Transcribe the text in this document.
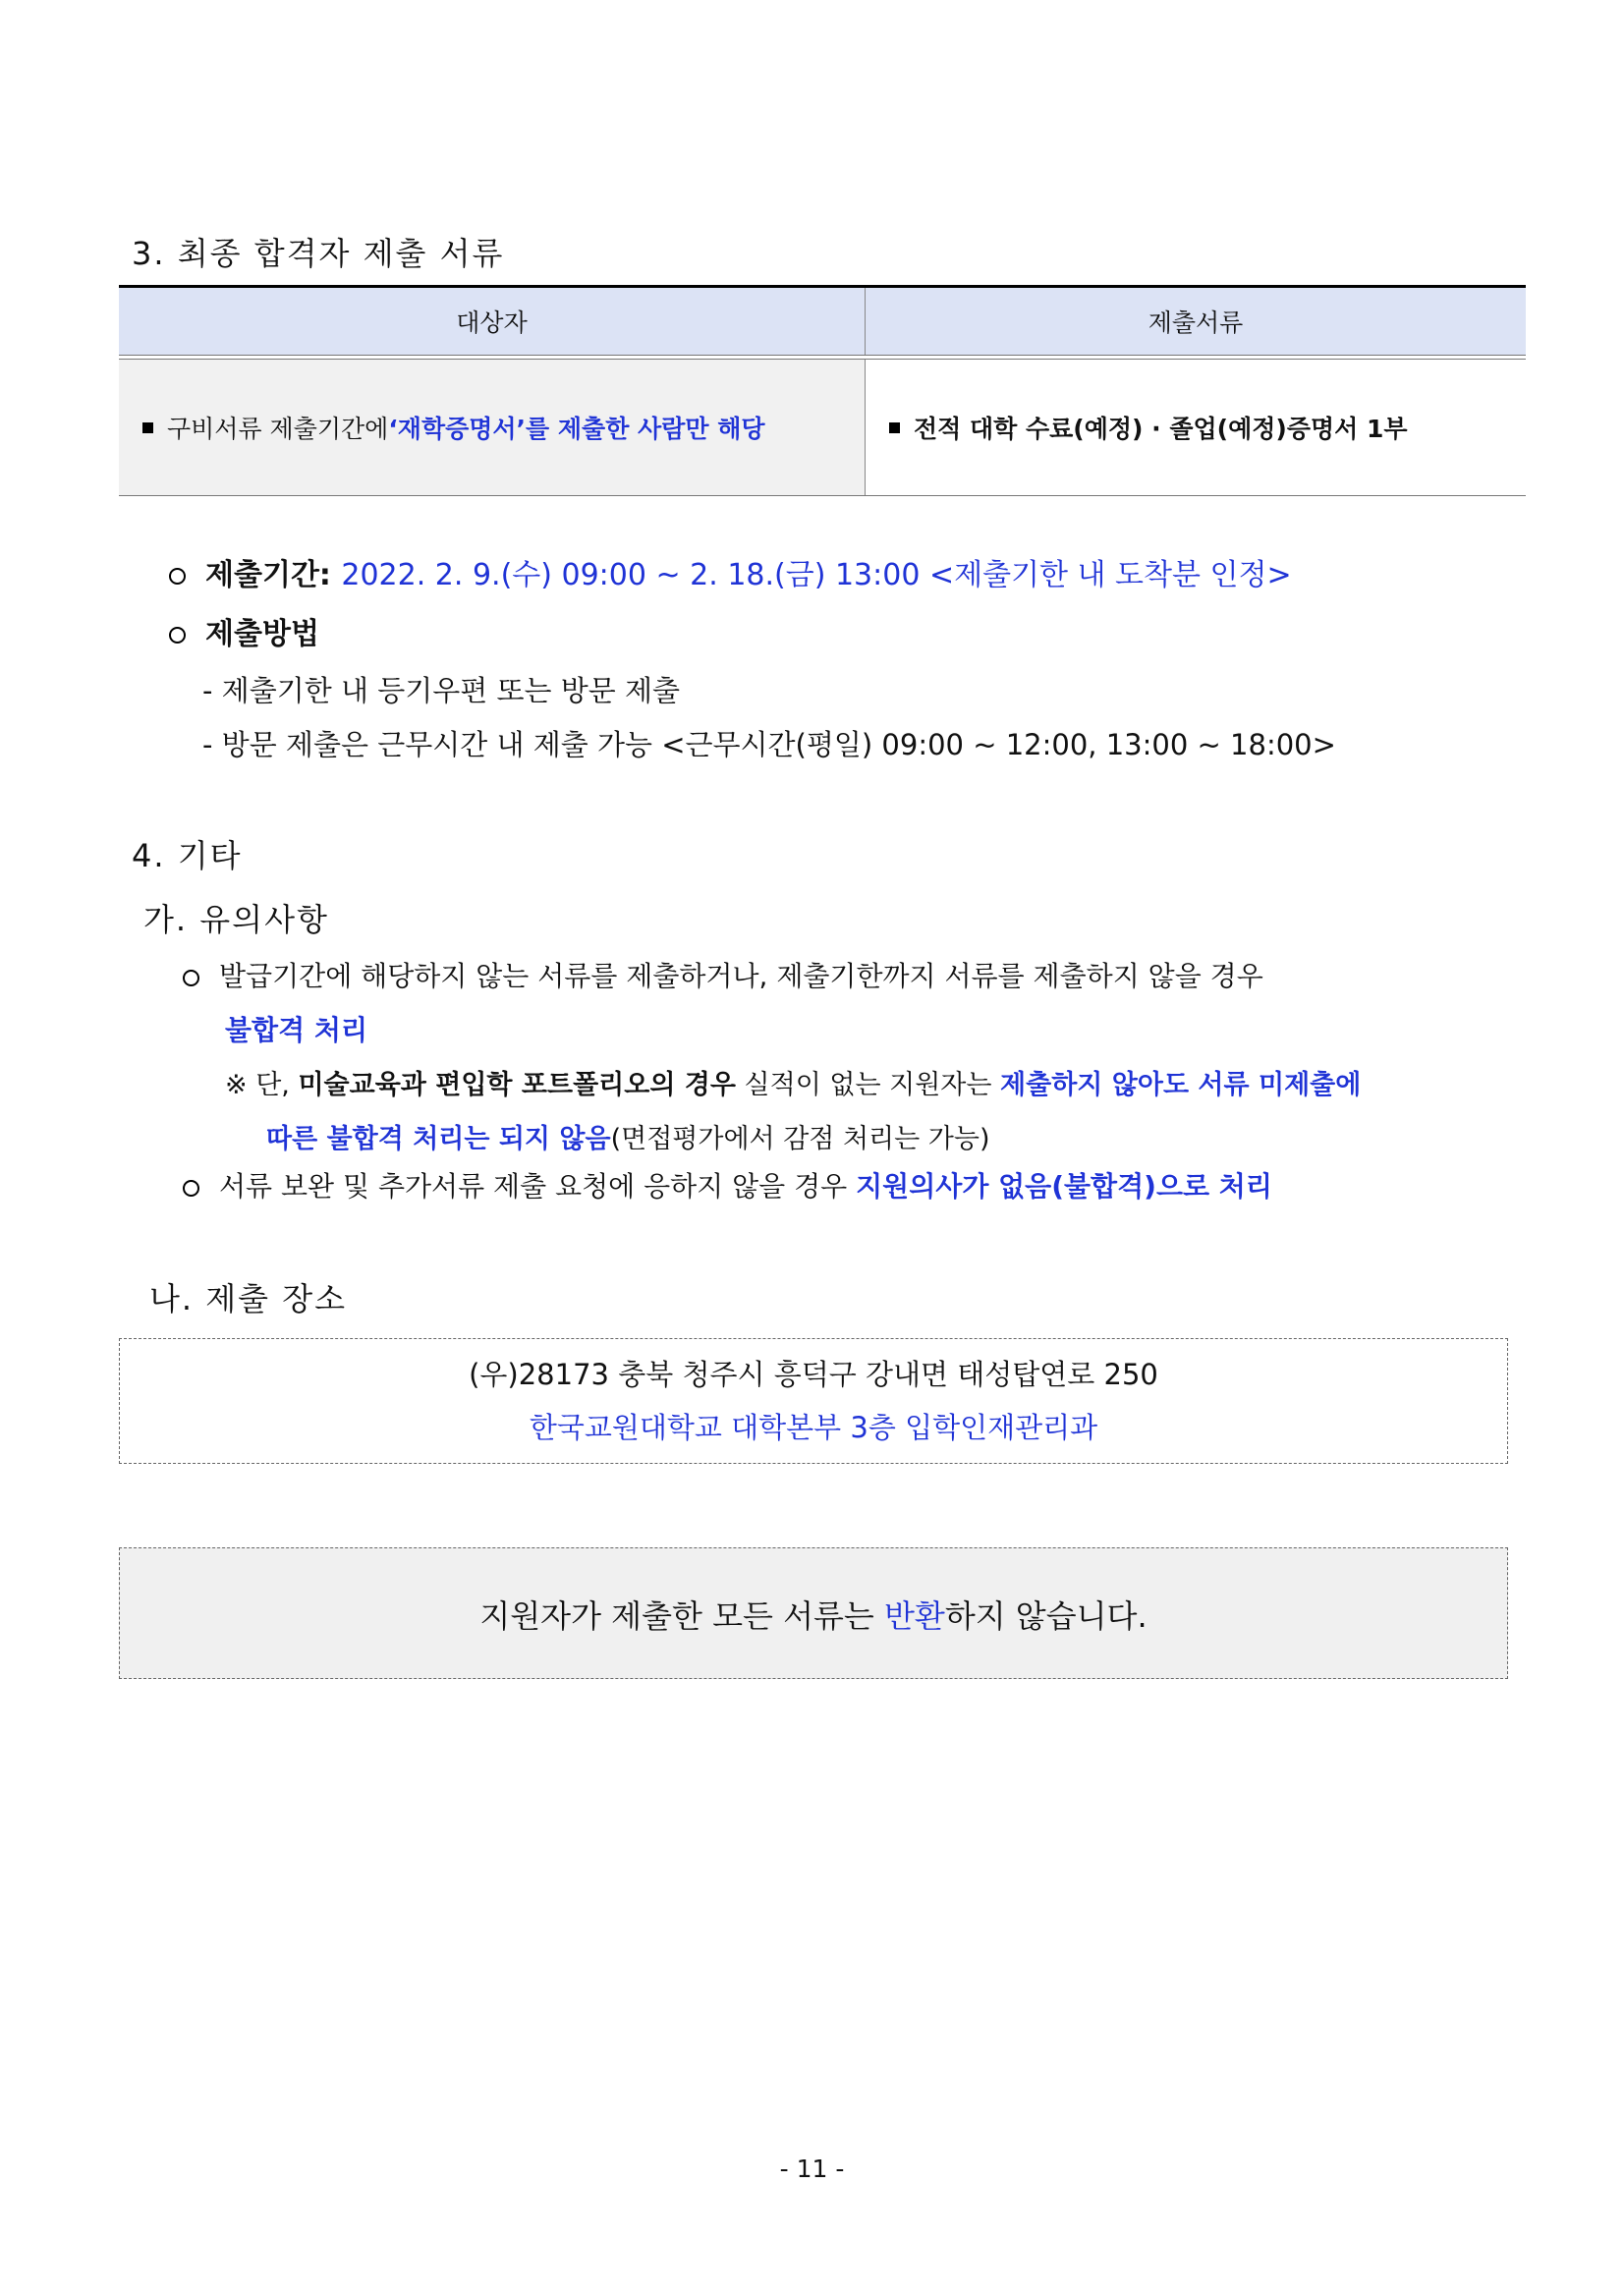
3. 최종 합격자 제출 서류
대상자	제출서류
구비서류 제출기간에 ‘재학증명서’를 제출한 사람만 해당	전적 대학 수료(예정) · 졸업(예정)증명서 1부
제출기간: 2022. 2. 9.(수) 09:00 ~ 2. 18.(금) 13:00 <제출기한 내 도착분 인정>
제출방법
- 제출기한 내 등기우편 또는 방문 제출
- 방문 제출은 근무시간 내 제출 가능 <근무시간(평일) 09:00 ~ 12:00, 13:00 ~ 18:00>
4. 기타
가. 유의사항
발급기간에 해당하지 않는 서류를 제출하거나, 제출기한까지 서류를 제출하지 않을 경우
불합격 처리
※ 단, 미술교육과 편입학 포트폴리오의 경우 실적이 없는 지원자는 제출하지 않아도 서류 미제출에
따른 불합격 처리는 되지 않음(면접평가에서 감점 처리는 가능)
서류 보완 및 추가서류 제출 요청에 응하지 않을 경우 지원의사가 없음(불합격)으로 처리
나. 제출 장소
(우)28173 충북 청주시 흥덕구 강내면 태성탑연로 250
한국교원대학교 대학본부 3층 입학인재관리과
지원자가 제출한 모든 서류는 반환하지 않습니다.
- 11 -
